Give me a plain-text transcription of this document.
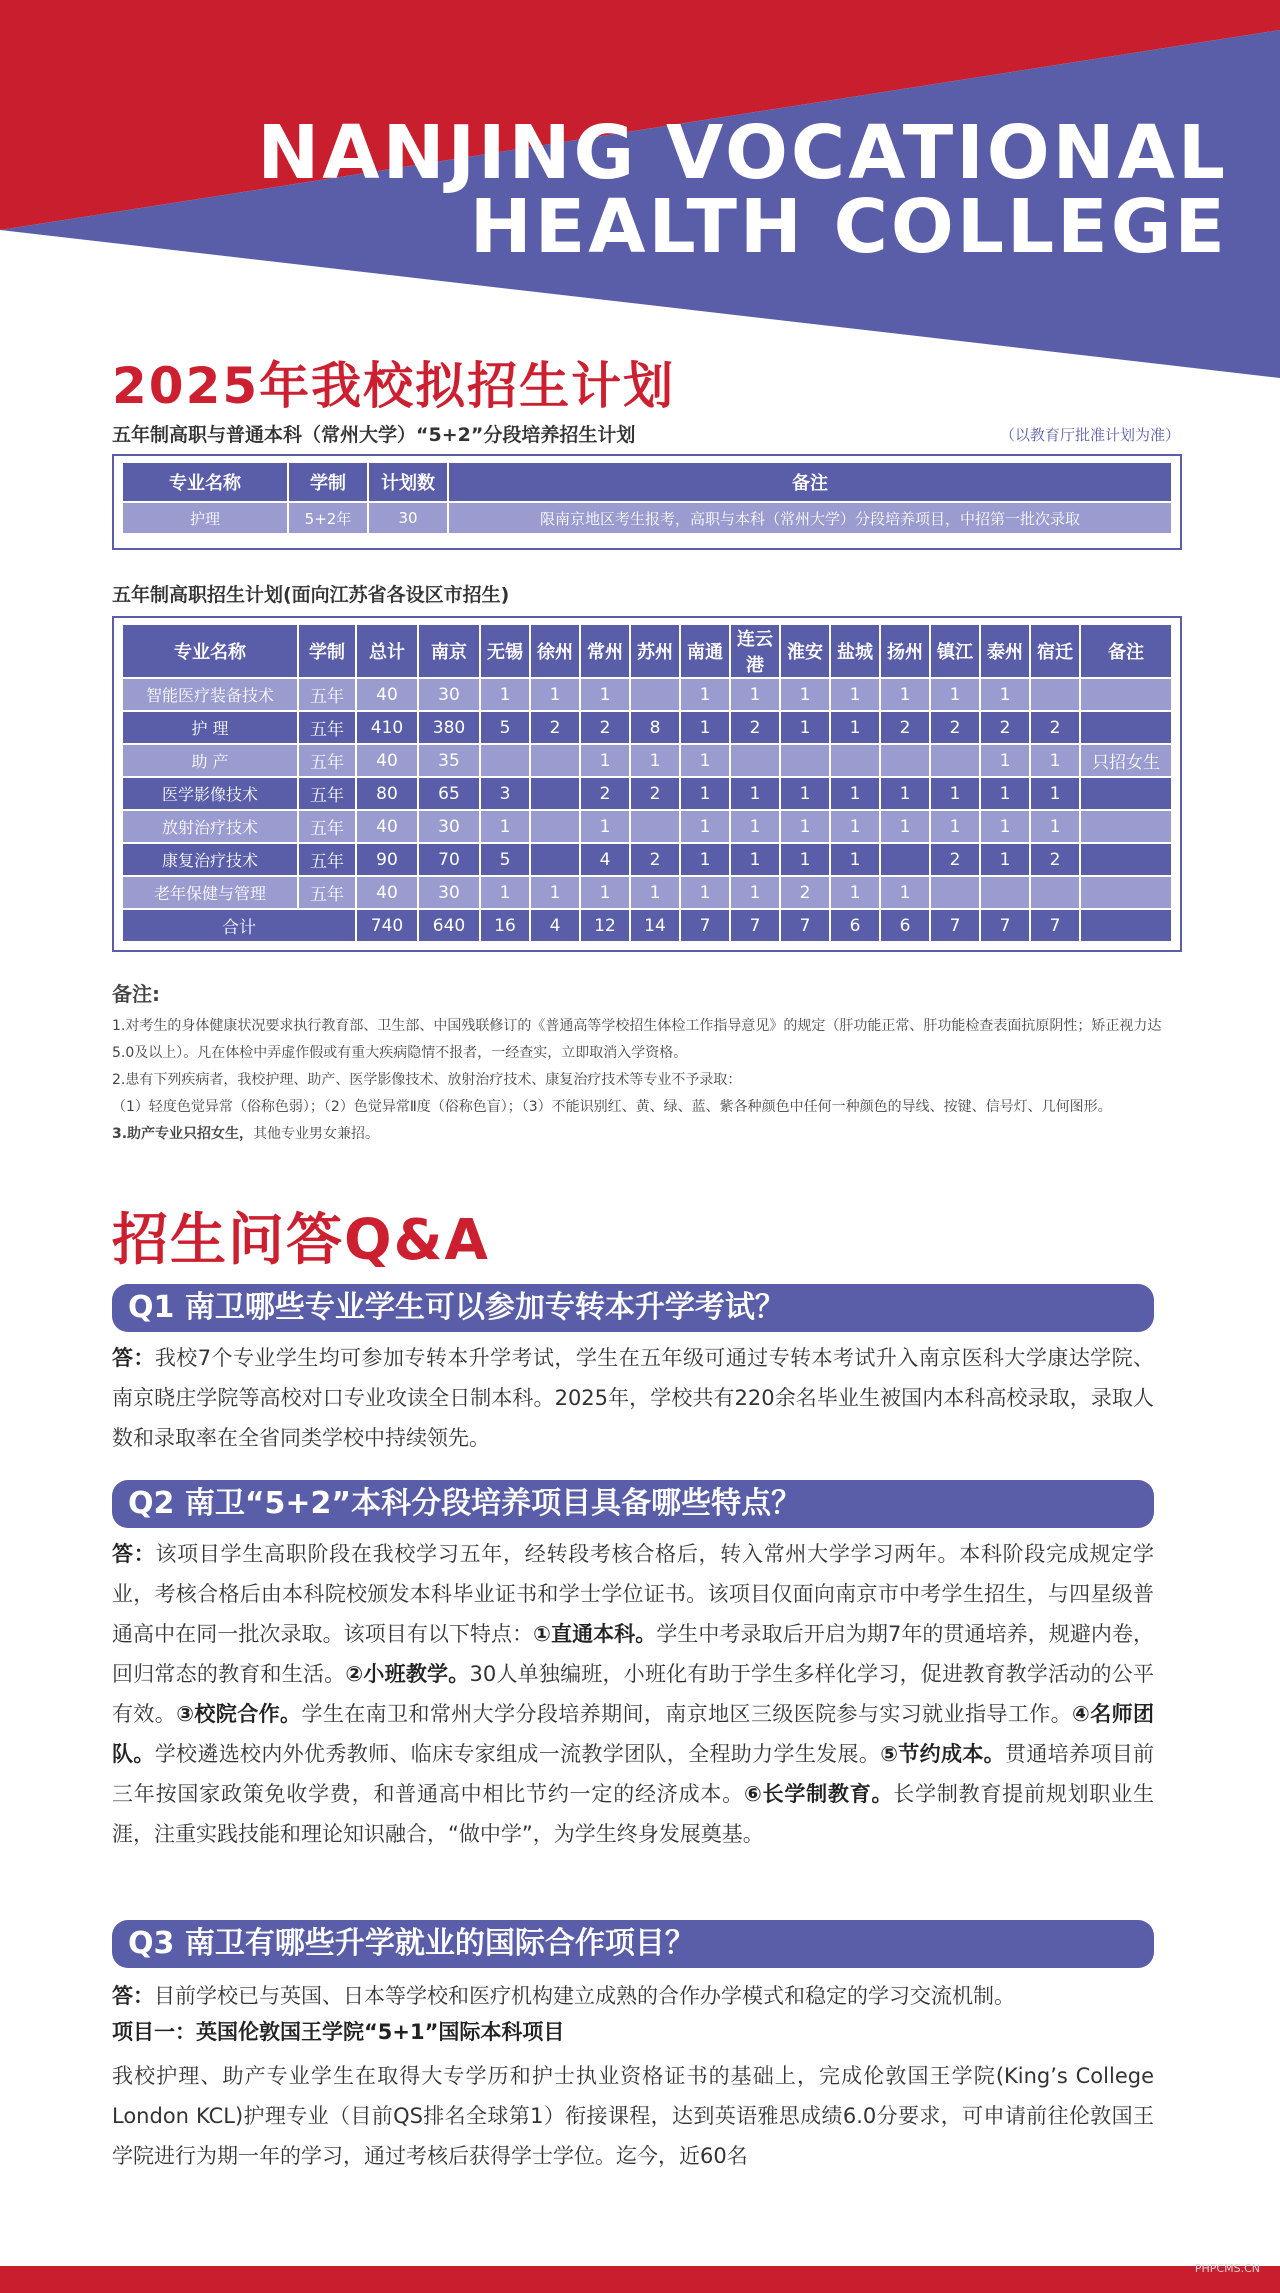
NANJING VOCATIONAL
HEALTH COLLEGE
2025年我校拟招生计划
五年制高职与普通本科（常州大学）“5+2”分段培养招生计划	（以教育厅批准计划为准）
专业名称	学制	计划数	备注
护理	5+2年	30	限南京地区考生报考，高职与本科（常州大学）分段培养项目，中招第一批次录取
五年制高职招生计划(面向江苏省各设区市招生)
专业名称	学制	总计	南京	无锡	徐州	常州	苏州	南通	连云港	淮安	盐城	扬州	镇江	泰州	宿迁	备注
智能医疗装备技术	五年	40	30	1	1	1		1	1	1	1	1	1	1		
护 理	五年	410	380	5	2	2	8	1	2	1	1	2	2	2	2	
助 产	五年	40	35			1	1	1						1	1	只招女生
医学影像技术	五年	80	65	3		2	2	1	1	1	1	1	1	1	1	
放射治疗技术	五年	40	30	1		1		1	1	1	1	1	1	1	1	
康复治疗技术	五年	90	70	5		4	2	1	1	1	1		2	1	2	
老年保健与管理	五年	40	30	1	1	1	1	1	1	2	1	1				
合计		740	640	16	4	12	14	7	7	7	6	6	7	7	7	
备注:

1.对考生的身体健康状况要求执行教育部、卫生部、中国残联修订的《普通高等学校招生体检工作指导意见》的规定（肝功能正常、肝功能检查表面抗原阴性；矫正视力达5.0及以上）。凡在体检中弄虚作假或有重大疾病隐情不报者，一经查实，立即取消入学资格。

2.患有下列疾病者，我校护理、助产、医学影像技术、放射治疗技术、康复治疗技术等专业不予录取：

（1）轻度色觉异常（俗称色弱）；（2）色觉异常Ⅱ度（俗称色盲）；（3）不能识别红、黄、绿、蓝、紫各种颜色中任何一种颜色的导线、按键、信号灯、几何图形。

3.助产专业只招女生，其他专业男女兼招。

招生问答Q&A
Q1 南卫哪些专业学生可以参加专转本升学考试？
答：我校7个专业学生均可参加专转本升学考试，学生在五年级可通过专转本考试升入南京医科大学康达学院、南京晓庄学院等高校对口专业攻读全日制本科。2025年，学校共有220余名毕业生被国内本科高校录取，录取人数和录取率在全省同类学校中持续领先。
Q2 南卫“5+2”本科分段培养项目具备哪些特点？
答：该项目学生高职阶段在我校学习五年，经转段考核合格后，转入常州大学学习两年。本科阶段完成规定学业，考核合格后由本科院校颁发本科毕业证书和学士学位证书。该项目仅面向南京市中考学生招生，与四星级普通高中在同一批次录取。该项目有以下特点：①直通本科。学生中考录取后开启为期7年的贯通培养，规避内卷，回归常态的教育和生活。②小班教学。30人单独编班，小班化有助于学生多样化学习，促进教育教学活动的公平有效。③校院合作。学生在南卫和常州大学分段培养期间，南京地区三级医院参与实习就业指导工作。④名师团队。学校遴选校内外优秀教师、临床专家组成一流教学团队，全程助力学生发展。⑤节约成本。贯通培养项目前三年按国家政策免收学费，和普通高中相比节约一定的经济成本。⑥长学制教育。长学制教育提前规划职业生涯，注重实践技能和理论知识融合，“做中学”，为学生终身发展奠基。
Q3 南卫有哪些升学就业的国际合作项目？
答：目前学校已与英国、日本等学校和医疗机构建立成熟的合作办学模式和稳定的学习交流机制。
项目一：英国伦敦国王学院“5+1”国际本科项目
我校护理、助产专业学生在取得大专学历和护士执业资格证书的基础上，完成伦敦国王学院(King’s College London KCL)护理专业（目前QS排名全球第1）衔接课程，达到英语雅思成绩6.0分要求，可申请前往伦敦国王学院进行为期一年的学习，通过考核后获得学士学位。迄今，近60名
PHPCMS.CN
